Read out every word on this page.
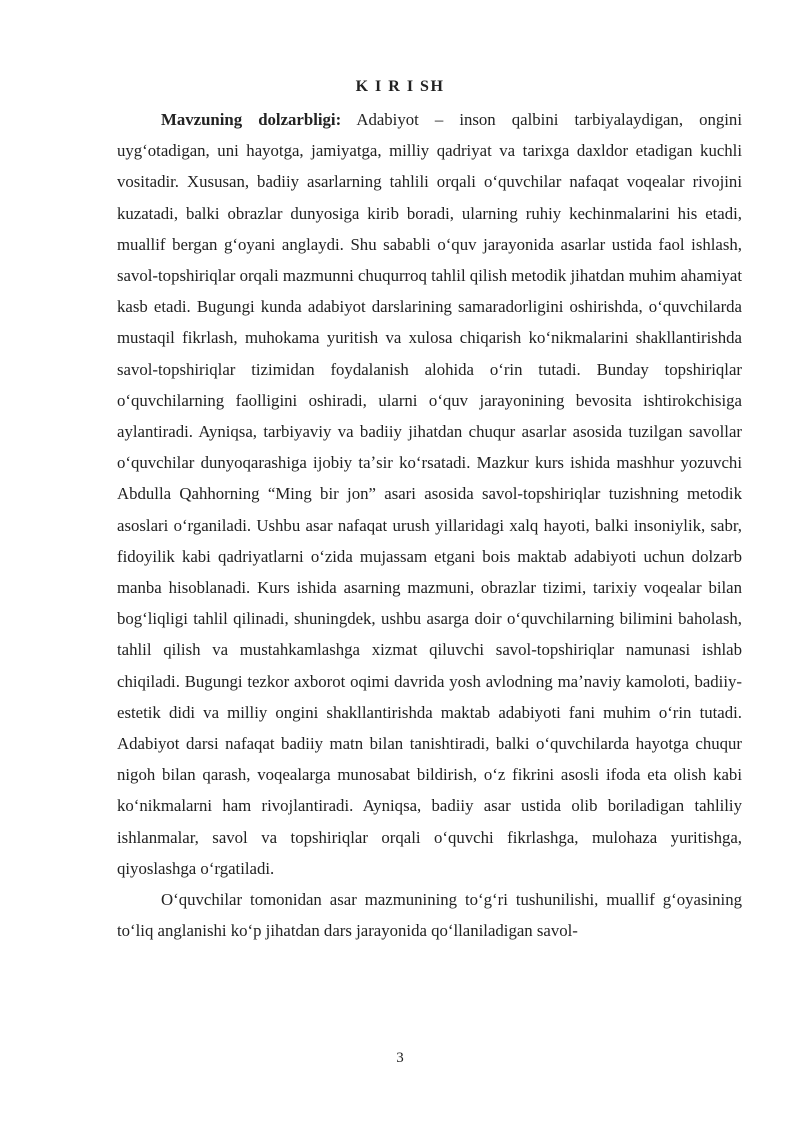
K I R I SH

Mavzuning dolzarbligi: Adabiyot – inson qalbini tarbiyalaydigan, ongini uygʻotadigan, uni hayotga, jamiyatga, milliy qadriyat va tarixga daxldor etadigan kuchli vositadir. Xususan, badiiy asarlarning tahlili orqali oʻquvchilar nafaqat voqealar rivojini kuzatadi, balki obrazlar dunyosiga kirib boradi, ularning ruhiy kechinmalarini his etadi, muallif bergan gʻoyani anglaydi. Shu sababli oʻquv jarayonida asarlar ustida faol ishlash, savol-topshiriqlar orqali mazmunni chuqurroq tahlil qilish metodik jihatdan muhim ahamiyat kasb etadi. Bugungi kunda adabiyot darslarining samaradorligini oshirishda, oʻquvchilarda mustaqil fikrlash, muhokama yuritish va xulosa chiqarish koʻnikmalarini shakllantirishda savol-topshiriqlar tizimidan foydalanish alohida oʻrin tutadi. Bunday topshiriqlar oʻquvchilarning faolligini oshiradi, ularni oʻquv jarayonining bevosita ishtirokchisiga aylantiradi. Ayniqsa, tarbiyaviy va badiiy jihatdan chuqur asarlar asosida tuzilgan savollar oʻquvchilar dunyoqarashiga ijobiy taʼsir koʻrsatadi. Mazkur kurs ishida mashhur yozuvchi Abdulla Qahhorning “Ming bir jon” asari asosida savol-topshiriqlar tuzishning metodik asoslari oʻrganiladi. Ushbu asar nafaqat urush yillaridagi xalq hayoti, balki insoniylik, sabr, fidoyilik kabi qadriyatlarni oʻzida mujassam etgani bois maktab adabiyoti uchun dolzarb manba hisoblanadi. Kurs ishida asarning mazmuni, obrazlar tizimi, tarixiy voqealar bilan bogʻliqligi tahlil qilinadi, shuningdek, ushbu asarga doir oʻquvchilarning bilimini baholash, tahlil qilish va mustahkamlashga xizmat qiluvchi savol-topshiriqlar namunasi ishlab chiqiladi. Bugungi tezkor axborot oqimi davrida yosh avlodning maʼnaviy kamoloti, badiiy-estetik didi va milliy ongini shakllantirishda maktab adabiyoti fani muhim oʻrin tutadi. Adabiyot darsi nafaqat badiiy matn bilan tanishtiradi, balki oʻquvchilarda hayotga chuqur nigoh bilan qarash, voqealarga munosabat bildirish, oʻz fikrini asosli ifoda eta olish kabi koʻnikmalarni ham rivojlantiradi. Ayniqsa, badiiy asar ustida olib boriladigan tahliliy ishlanmalar, savol va topshiriqlar orqali oʻquvchi fikrlashga, mulohaza yuritishga, qiyoslashga oʻrgatiladi.

Oʻquvchilar tomonidan asar mazmunining toʻgʻri tushunilishi, muallif gʻoyasining toʻliq anglanishi koʻp jihatdan dars jarayonida qoʻllaniladigan savol-

3
